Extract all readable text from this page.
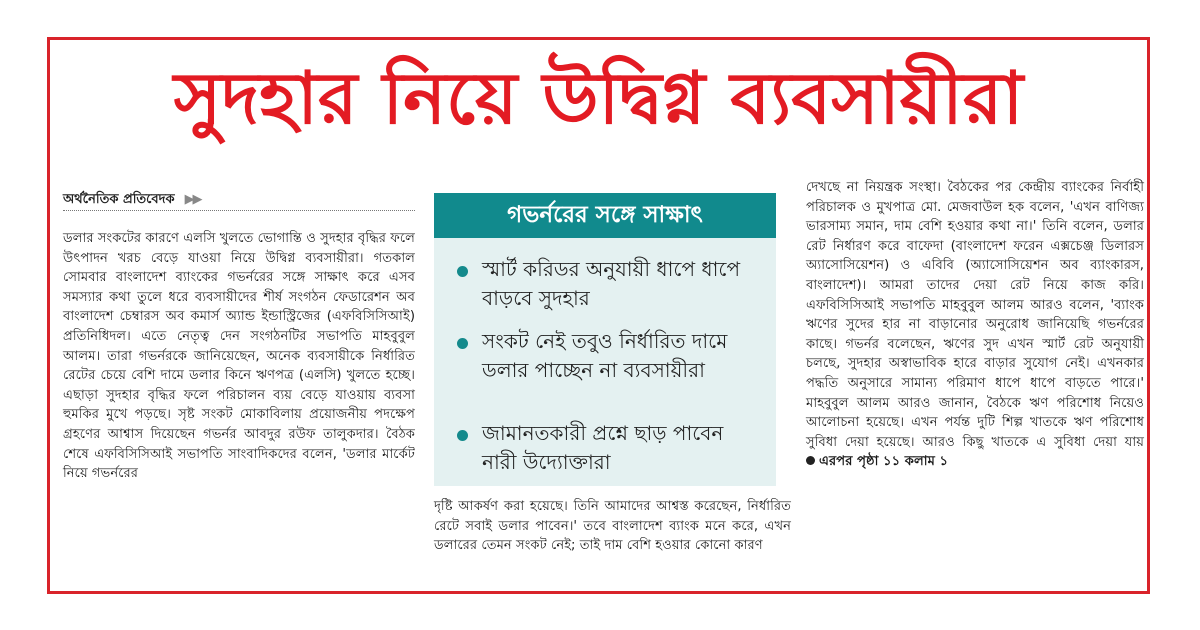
সুদহার নিয়ে উদ্বিগ্ন ব্যবসায়ীরা
অর্থনৈতিক প্রতিবেদক ▶▶

ডলার সংকটের কারণে এলসি খুলতে ভোগান্তি ও সুদহার বৃদ্ধির ফলে উৎপাদন খরচ বেড়ে যাওয়া নিয়ে উদ্বিগ্ন ব্যবসায়ীরা। গতকাল সোমবার বাংলাদেশ ব্যাংকের গভর্নরের সঙ্গে সাক্ষাৎ করে এসব সমস্যার কথা তুলে ধরে ব্যবসায়ীদের শীর্ষ সংগঠন ফেডারেশন অব বাংলাদেশ চেম্বারস অব কমার্স অ্যান্ড ইন্ডাস্ট্রিজের (এফবিসিসিআই) প্রতিনিধিদল। এতে নেতৃত্ব দেন সংগঠনটির সভাপতি মাহবুবুল আলম। তারা গভর্নরকে জানিয়েছেন, অনেক ব্যবসায়ীকে নির্ধারিত রেটের চেয়ে বেশি দামে ডলার কিনে ঋণপত্র (এলসি) খুলতে হচ্ছে। এছাড়া সুদহার বৃদ্ধির ফলে পরিচালন ব্যয় বেড়ে যাওয়ায় ব্যবসা হুমকির মুখে পড়ছে। সৃষ্ট সংকট মোকাবিলায় প্রয়োজনীয় পদক্ষেপ গ্রহণের আশ্বাস দিয়েছেন গভর্নর আবদুর রউফ তালুকদার। বৈঠক শেষে এফবিসিসিআই সভাপতি সাংবাদিকদের বলেন, 'ডলার মার্কেট নিয়ে গভর্নরের

গভর্নরের সঙ্গে সাক্ষাৎ
স্মার্ট করিডর অনুযায়ী ধাপে ধাপে বাড়বে সুদহার
সংকট নেই তবুও নির্ধারিত দামে ডলার পাচ্ছেন না ব্যবসায়ীরা
জামানতকারী প্রশ্নে ছাড় পাবেন নারী উদ্যোক্তারা

দৃষ্টি আকর্ষণ করা হয়েছে। তিনি আমাদের আশ্বস্ত করেছেন, নির্ধারিত রেটে সবাই ডলার পাবেন।' তবে বাংলাদেশ ব্যাংক মনে করে, এখন ডলারের তেমন সংকট নেই; তাই দাম বেশি হওয়ার কোনো কারণ

দেখছে না নিয়ন্ত্রক সংস্থা। বৈঠকের পর কেন্দ্রীয় ব্যাংকের নির্বাহী পরিচালক ও মুখপাত্র মো. মেজবাউল হক বলেন, 'এখন বাণিজ্য ভারসাম্য সমান, দাম বেশি হওয়ার কথা না।' তিনি বলেন, ডলার রেট নির্ধারণ করে বাফেদা (বাংলাদেশ ফরেন এক্সচেঞ্জ ডিলারস অ্যাসোসিয়েশন) ও এবিবি (অ্যাসোসিয়েশন অব ব্যাংকারস, বাংলাদেশ)। আমরা তাদের দেয়া রেট নিয়ে কাজ করি। এফবিসিসিআই সভাপতি মাহবুবুল আলম আরও বলেন, 'ব্যাংক ঋণের সুদের হার না বাড়ানোর অনুরোধ জানিয়েছি গভর্নরের কাছে। গভর্নর বলেছেন, ঋণের সুদ এখন স্মার্ট রেট অনুযায়ী চলছে, সুদহার অস্বাভাবিক হারে বাড়ার সুযোগ নেই। এখনকার পদ্ধতি অনুসারে সামান্য পরিমাণ ধাপে ধাপে বাড়তে পারে।' মাহবুবুল আলম আরও জানান, বৈঠকে ঋণ পরিশোধ নিয়েও আলোচনা হয়েছে। এখন পর্যন্ত দুটি শিল্প খাতকে ঋণ পরিশোধ সুবিধা দেয়া হয়েছে। আরও কিছু খাতকে এ সুবিধা দেয়া যায় এরপর পৃষ্ঠা ১১ কলাম ১
